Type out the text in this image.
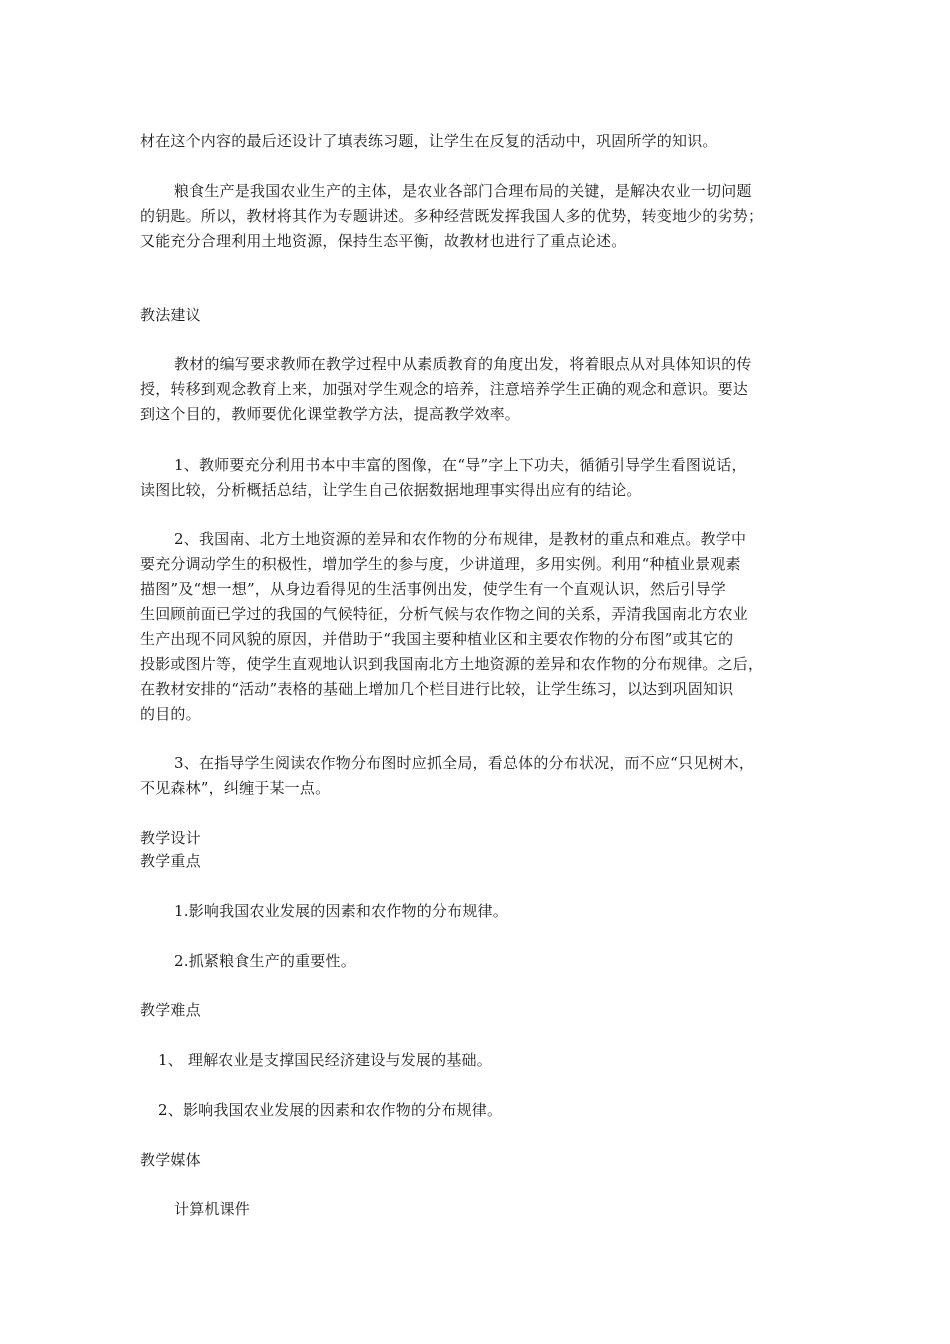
材在这个内容的最后还设计了填表练习题，让学生在反复的活动中，巩固所学的知识。
粮食生产是我国农业生产的主体，是农业各部门合理布局的关键，是解决农业一切问题
的钥匙。所以，教材将其作为专题讲述。多种经营既发挥我国人多的优势，转变地少的劣势；
又能充分合理利用土地资源，保持生态平衡，故教材也进行了重点论述。
教法建议
教材的编写要求教师在教学过程中从素质教育的角度出发，将着眼点从对具体知识的传
授，转移到观念教育上来，加强对学生观念的培养，注意培养学生正确的观念和意识。要达
到这个目的，教师要优化课堂教学方法，提高教学效率。
1、教师要充分利用书本中丰富的图像，在“导”字上下功夫，循循引导学生看图说话，
读图比较，分析概括总结，让学生自己依据数据地理事实得出应有的结论。
2、我国南、北方土地资源的差异和农作物的分布规律，是教材的重点和难点。教学中
要充分调动学生的积极性，增加学生的参与度，少讲道理，多用实例。利用“种植业景观素
描图”及“想一想”，从身边看得见的生活事例出发，使学生有一个直观认识，然后引导学
生回顾前面已学过的我国的气候特征，分析气候与农作物之间的关系，弄清我国南北方农业
生产出现不同风貌的原因，并借助于“我国主要种植业区和主要农作物的分布图”或其它的
投影或图片等，使学生直观地认识到我国南北方土地资源的差异和农作物的分布规律。之后，
在教材安排的“活动”表格的基础上增加几个栏目进行比较，让学生练习，以达到巩固知识
的目的。
3、在指导学生阅读农作物分布图时应抓全局，看总体的分布状况，而不应“只见树木，
不见森林”，纠缠于某一点。
教学设计
教学重点
1.影响我国农业发展的因素和农作物的分布规律。
2.抓紧粮食生产的重要性。
教学难点
1、 理解农业是支撑国民经济建设与发展的基础。
2、影响我国农业发展的因素和农作物的分布规律。
教学媒体
计算机课件
